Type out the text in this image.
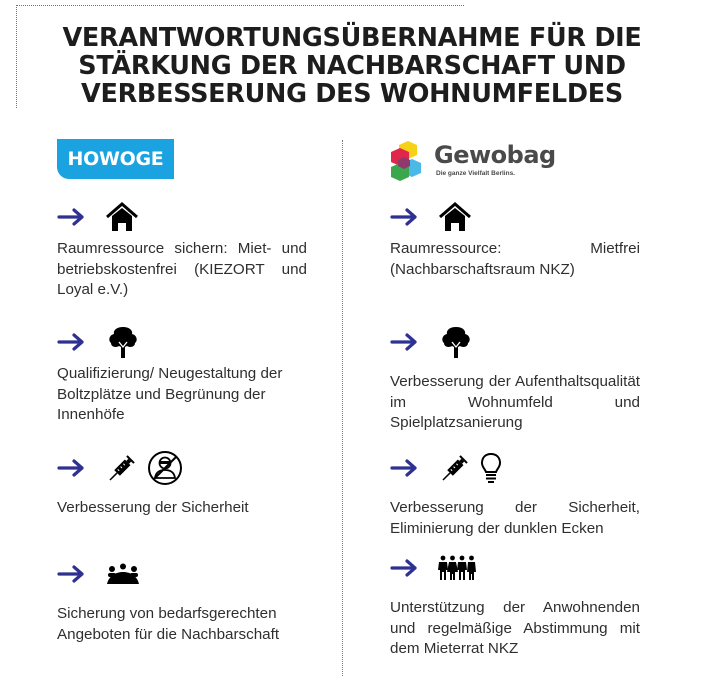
VERANTWORTUNGSÜBERNAHME FÜR DIE
STÄRKUNG DER NACHBARSCHAFT UND
VERBESSERUNG DES WOHNUMFELDES
HOWOGE
Raumressource sichern: Miet- und betriebskostenfrei (KIEZORT und Loyal e.V.)
Qualifizierung/ Neugestaltung der Boltzplätze und Begrünung der Innenhöfe
Verbesserung der Sicherheit
Sicherung von bedarfsgerechten Angeboten für die Nachbarschaft
Gewobag
Die ganze Vielfalt Berlins.
Raumressource: Mietfrei (Nachbarschaftsraum NKZ)
Verbesserung der Aufenthaltsqualität im Wohnumfeld und Spielplatzsanierung
Verbesserung der Sicherheit, Eliminierung der dunklen Ecken
Unterstützung der Anwohnenden und regelmäßige Abstimmung mit dem Mieterrat NKZ
